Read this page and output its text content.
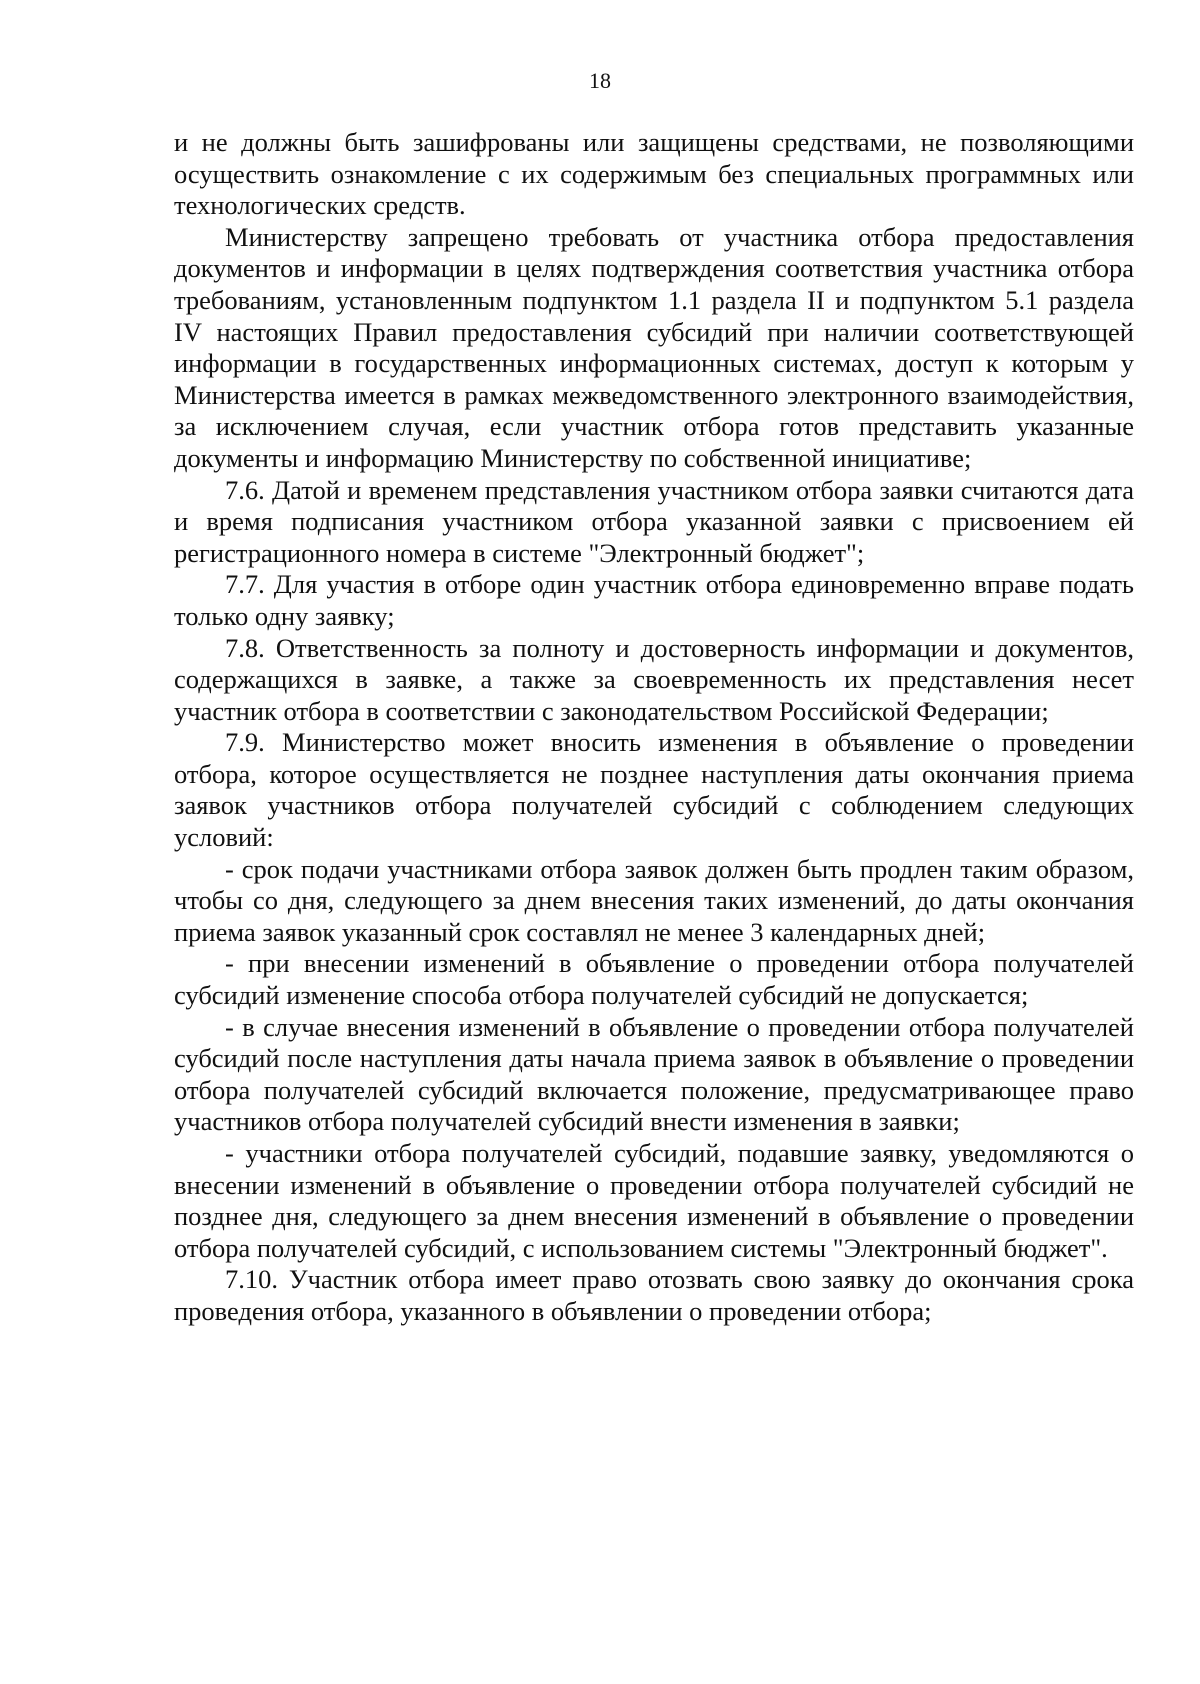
18

и не должны быть зашифрованы или защищены средствами, не позволяющими осуществить ознакомление с их содержимым без специальных программных или технологических средств.

Министерству запрещено требовать от участника отбора предоставления документов и информации в целях подтверждения соответствия участника отбора требованиям, установленным подпунктом 1.1 раздела II и подпунктом 5.1 раздела IV настоящих Правил предоставления субсидий при наличии соответствующей информации в государственных информационных системах, доступ к которым у Министерства имеется в рамках межведомственного электронного взаимодействия, за исключением случая, если участник отбора готов представить указанные документы и информацию Министерству по собственной инициативе;

7.6. Датой и временем представления участником отбора заявки считаются дата и время подписания участником отбора указанной заявки с присвоением ей регистрационного номера в системе "Электронный бюджет";

7.7. Для участия в отборе один участник отбора единовременно вправе подать только одну заявку;

7.8. Ответственность за полноту и достоверность информации и документов, содержащихся в заявке, а также за своевременность их представления несет участник отбора в соответствии с законодательством Российской Федерации;

7.9. Министерство может вносить изменения в объявление о проведении отбора, которое осуществляется не позднее наступления даты окончания приема заявок участников отбора получателей субсидий с соблюдением следующих условий:

- срок подачи участниками отбора заявок должен быть продлен таким образом, чтобы со дня, следующего за днем внесения таких изменений, до даты окончания приема заявок указанный срок составлял не менее 3 календарных дней;

- при внесении изменений в объявление о проведении отбора получателей субсидий изменение способа отбора получателей субсидий не допускается;

- в случае внесения изменений в объявление о проведении отбора получателей субсидий после наступления даты начала приема заявок в объявление о проведении отбора получателей субсидий включается положение, предусматривающее право участников отбора получателей субсидий внести изменения в заявки;

- участники отбора получателей субсидий, подавшие заявку, уведомляются о внесении изменений в объявление о проведении отбора получателей субсидий не позднее дня, следующего за днем внесения изменений в объявление о проведении отбора получателей субсидий, с использованием системы "Электронный бюджет".

7.10. Участник отбора имеет право отозвать свою заявку до окончания срока проведения отбора, указанного в объявлении о проведении отбора;
